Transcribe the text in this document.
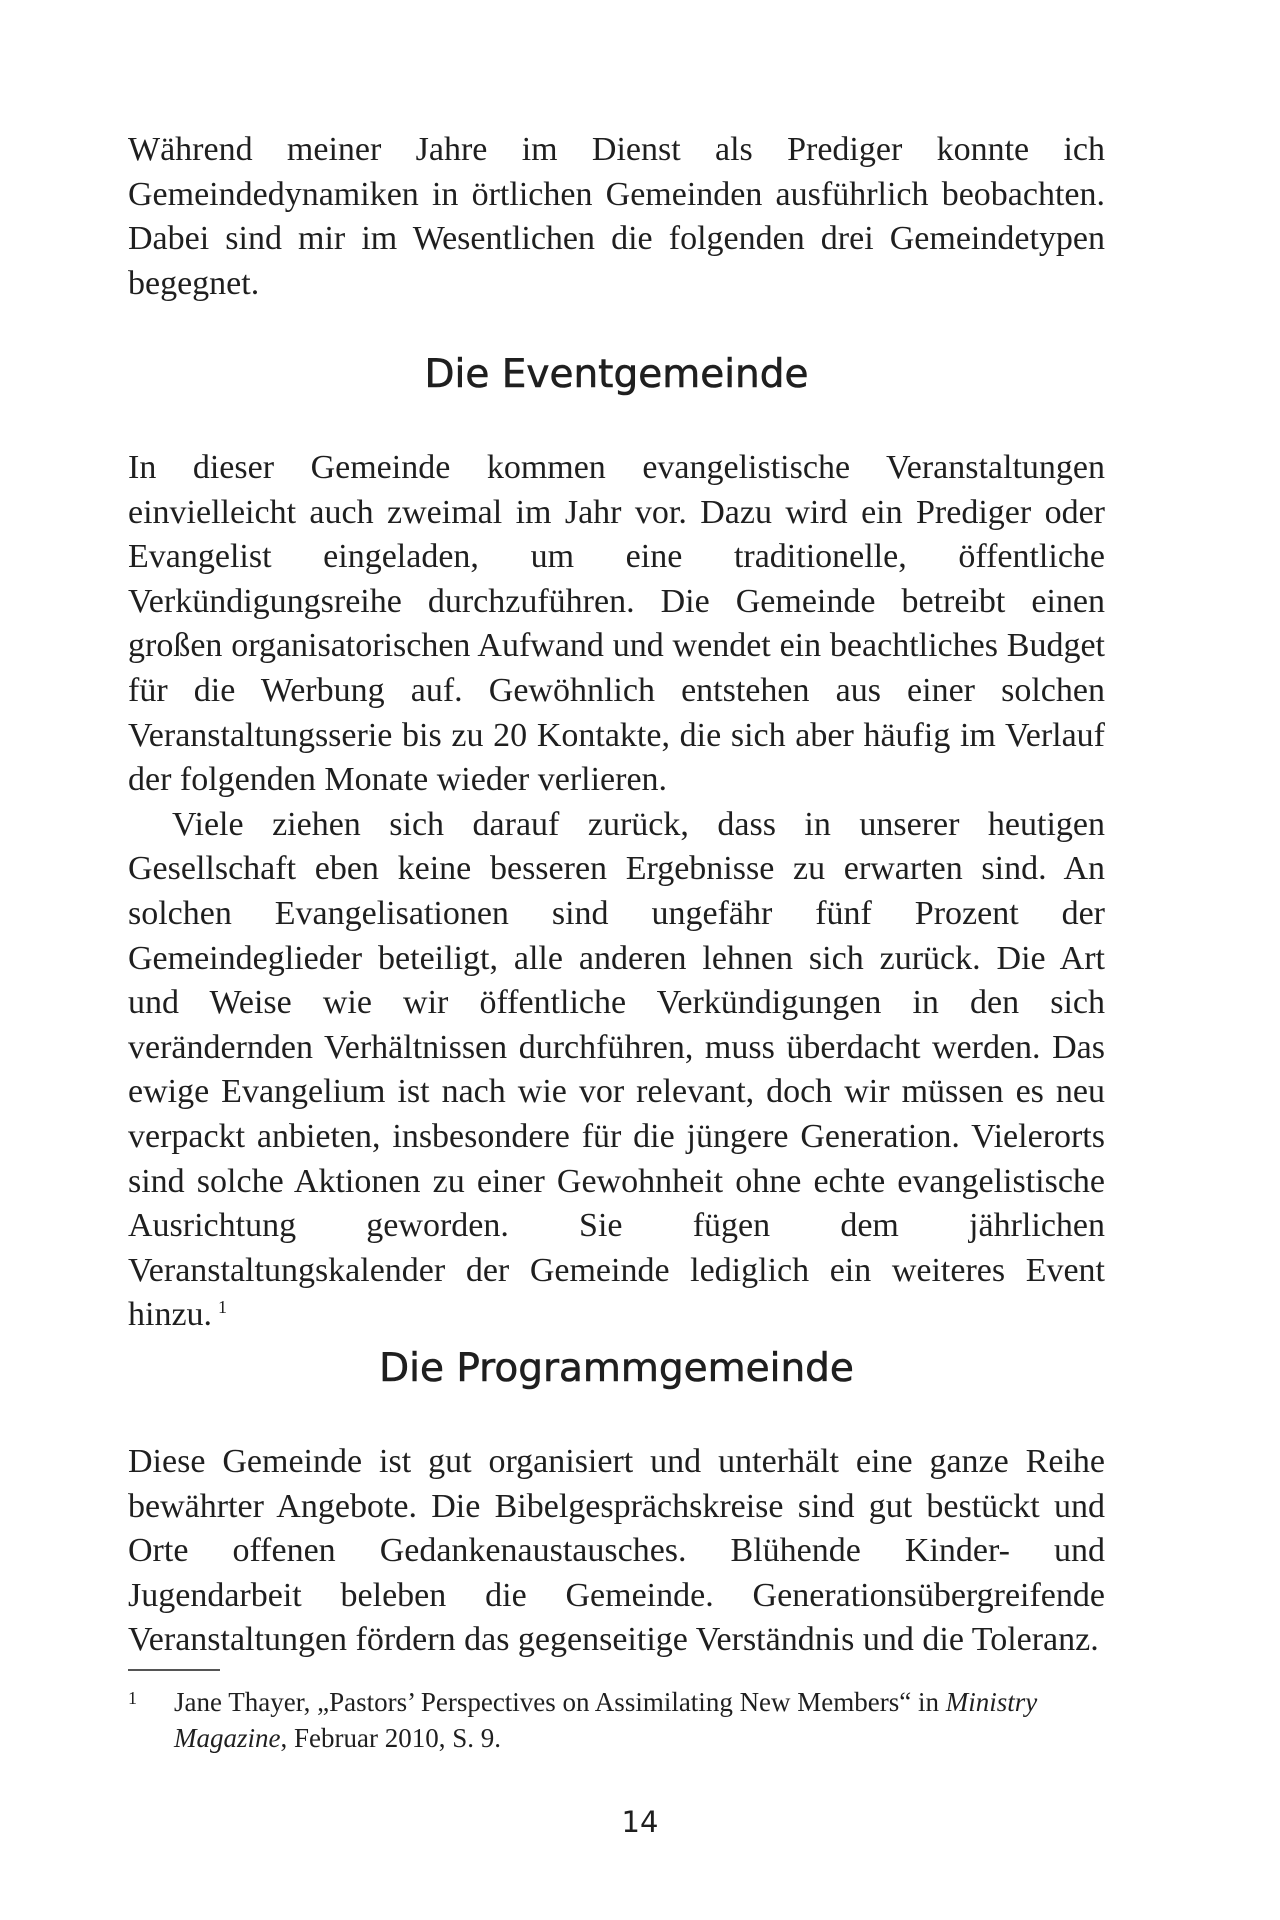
Während meiner Jahre im Dienst als Prediger konnte ich Gemeindedynamiken in örtlichen Gemeinden ausführlich beobachten. Dabei sind mir im Wesentlichen die folgenden drei Gemeindetypen begegnet.

Die Eventgemeinde

In dieser Gemeinde kommen evangelistische Veranstaltungen einvielleicht auch zweimal im Jahr vor. Dazu wird ein Prediger oder Evangelist eingeladen, um eine traditionelle, öffentliche Verkündigungsreihe durchzuführen. Die Gemeinde betreibt einen großen organisatorischen Aufwand und wendet ein beachtliches Budget für die Werbung auf. Gewöhnlich entstehen aus einer solchen Veranstaltungsserie bis zu 20 Kontakte, die sich aber häufig im Verlauf der folgenden Monate wieder verlieren.

Viele ziehen sich darauf zurück, dass in unserer heutigen Gesellschaft eben keine besseren Ergebnisse zu erwarten sind. An solchen Evangelisationen sind ungefähr fünf Prozent der Gemeindeglieder beteiligt, alle anderen lehnen sich zurück. Die Art und Weise wie wir öffentliche Verkündigungen in den sich verändernden Verhältnissen durchführen, muss überdacht werden. Das ewige Evangelium ist nach wie vor relevant, doch wir müssen es neu verpackt anbieten, insbesondere für die jüngere Generation. Vielerorts sind solche Aktionen zu einer Gewohnheit ohne echte evangelistische Ausrichtung geworden. Sie fügen dem jährlichen Veranstaltungskalender der Gemeinde lediglich ein weiteres Event hinzu. $^1$

Die Programmgemeinde

Diese Gemeinde ist gut organisiert und unterhält eine ganze Reihe bewährter Angebote. Die Bibelgesprächskreise sind gut bestückt und Orte offenen Gedankenaustausches. Blühende Kinder- und Jugendarbeit beleben die Gemeinde. Generationsübergreifende Veranstaltungen fördern das gegenseitige Verständnis und die Toleranz.

1	Jane Thayer, „Pastors’ Perspectives on Assimilating New Members“ in Ministry Magazine, Februar 2010, S. 9.
14
